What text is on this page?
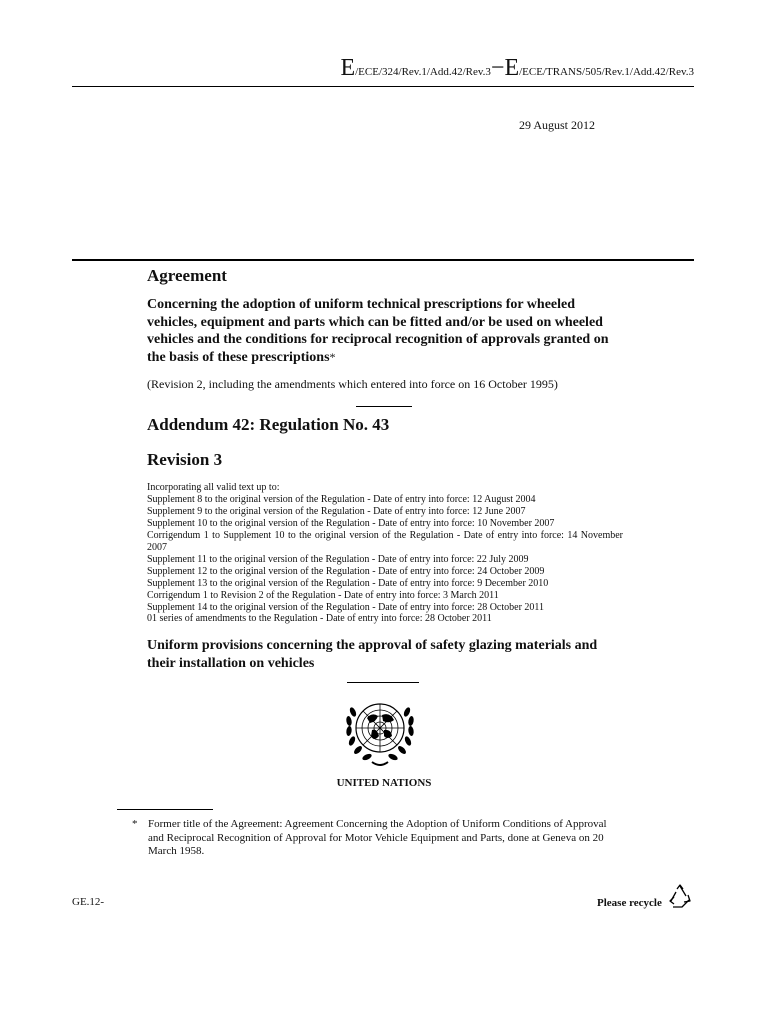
E/ECE/324/Rev.1/Add.42/Rev.3−E/ECE/TRANS/505/Rev.1/Add.42/Rev.3
29 August 2012
Agreement
Concerning the adoption of uniform technical prescriptions for wheeled vehicles, equipment and parts which can be fitted and/or be used on wheeled vehicles and the conditions for reciprocal recognition of approvals granted on the basis of these prescriptions*
(Revision 2, including the amendments which entered into force on 16 October 1995)
Addendum 42: Regulation No. 43
Revision 3
Incorporating all valid text up to:
Supplement 8 to the original version of the Regulation - Date of entry into force: 12 August 2004
Supplement 9 to the original version of the Regulation - Date of entry into force: 12 June 2007
Supplement 10 to the original version of the Regulation - Date of entry into force: 10 November 2007
Corrigendum 1 to Supplement 10 to the original version of the Regulation - Date of entry into force: 14 November 2007
Supplement 11 to the original version of the Regulation - Date of entry into force: 22 July 2009
Supplement 12 to the original version of the Regulation - Date of entry into force: 24 October 2009
Supplement 13 to the original version of the Regulation - Date of entry into force: 9 December 2010
Corrigendum 1 to Revision 2 of the Regulation - Date of entry into force: 3 March 2011
Supplement 14 to the original version of the Regulation - Date of entry into force: 28 October 2011
01 series of amendments to the Regulation - Date of entry into force: 28 October 2011
Uniform provisions concerning the approval of safety glazing materials and their installation on vehicles
UNITED NATIONS
* Former title of the Agreement: Agreement Concerning the Adoption of Uniform Conditions of Approval and Reciprocal Recognition of Approval for Motor Vehicle Equipment and Parts, done at Geneva on 20 March 1958.
GE.12-	Please recycle
